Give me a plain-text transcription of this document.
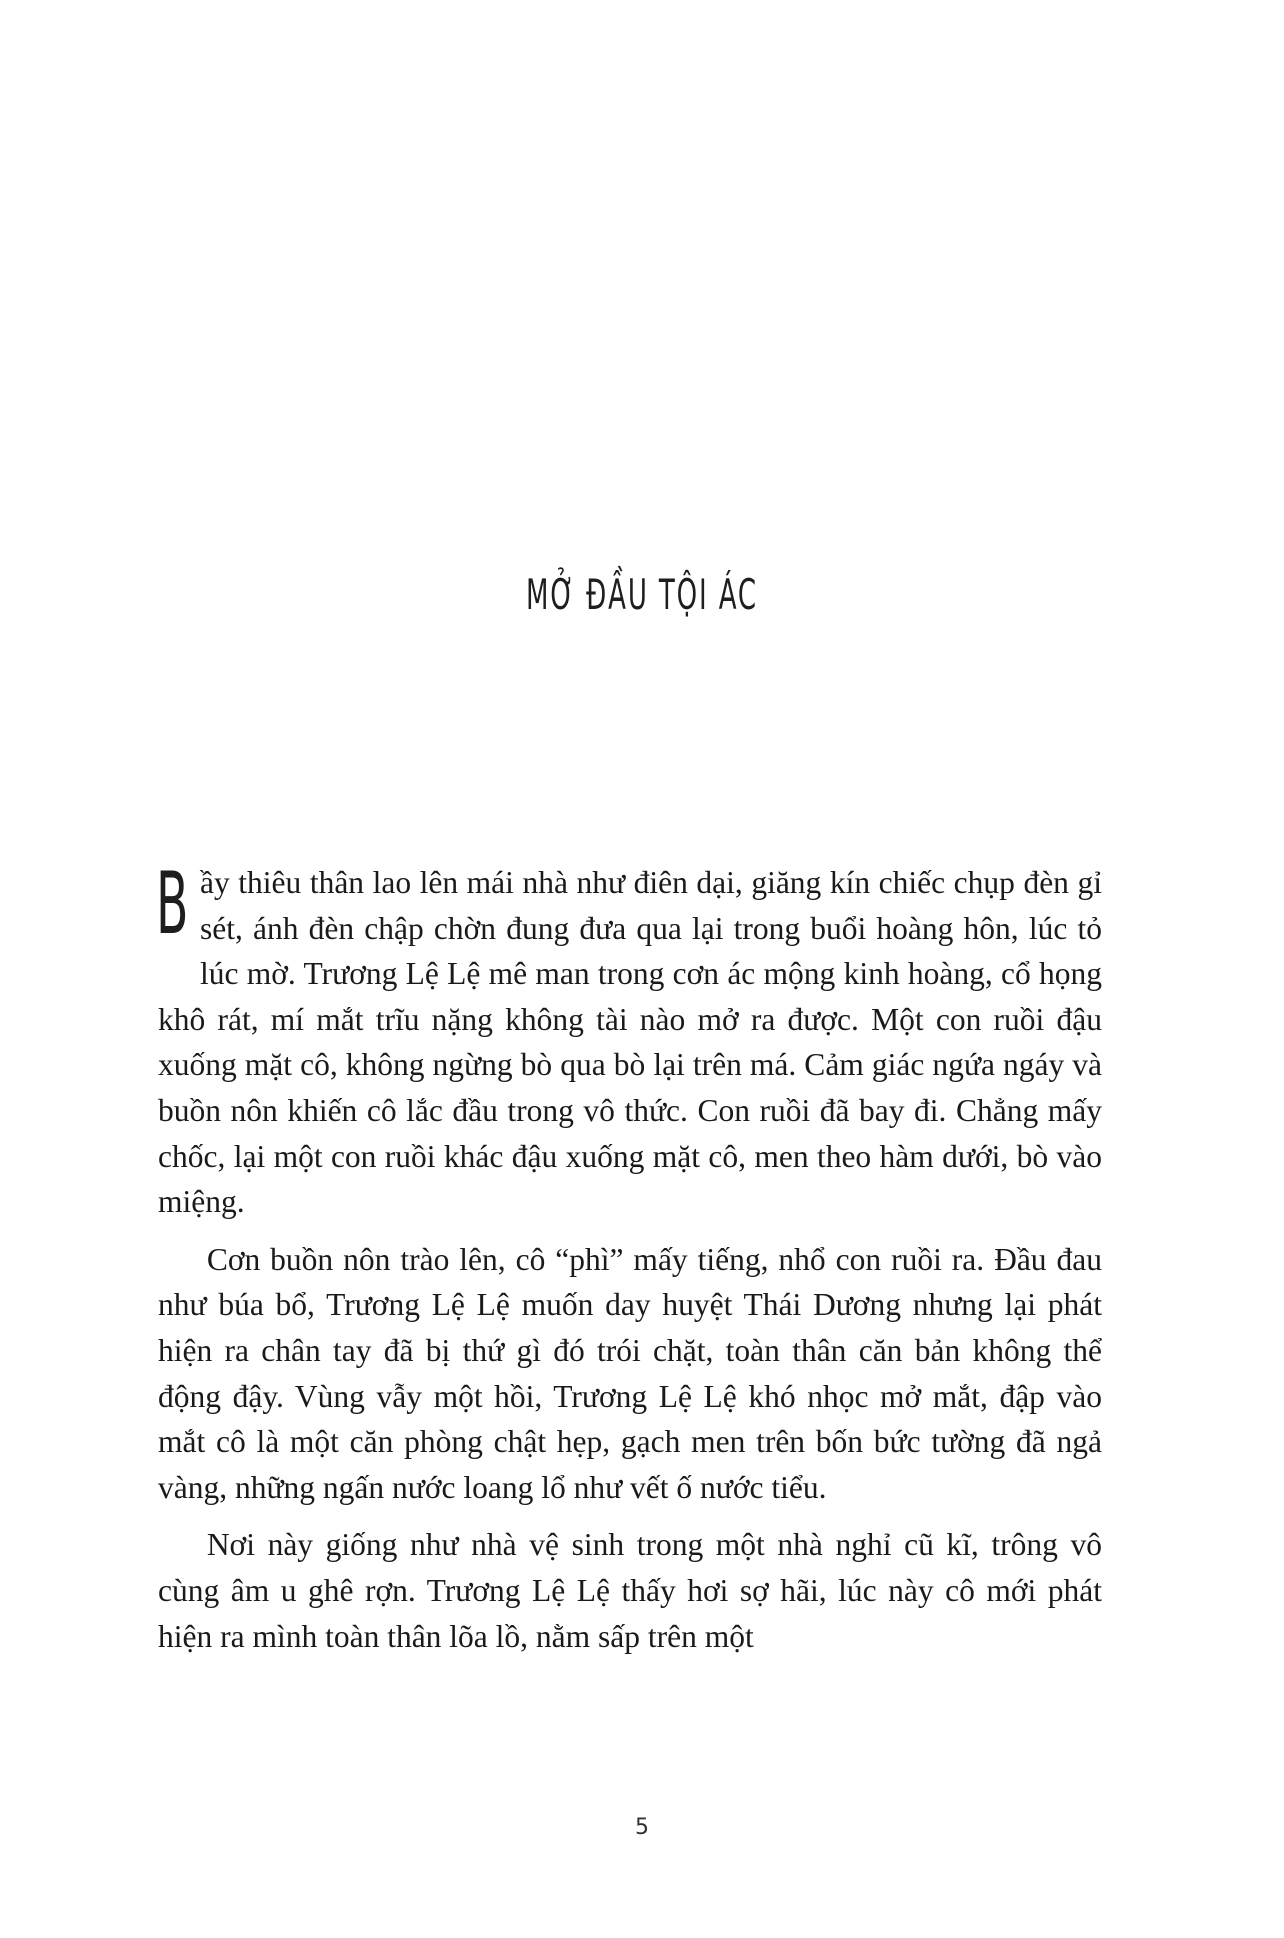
MỞ ĐẦU TỘI ÁC

Bầy thiêu thân lao lên mái nhà như điên dại, giăng kín chiếc chụp đèn gỉ sét, ánh đèn chập chờn đung đưa qua lại trong buổi hoàng hôn, lúc tỏ lúc mờ. Trương Lệ Lệ mê man trong cơn ác mộng kinh hoàng, cổ họng khô rát, mí mắt trĩu nặng không tài nào mở ra được. Một con ruồi đậu xuống mặt cô, không ngừng bò qua bò lại trên má. Cảm giác ngứa ngáy và buồn nôn khiến cô lắc đầu trong vô thức. Con ruồi đã bay đi. Chẳng mấy chốc, lại một con ruồi khác đậu xuống mặt cô, men theo hàm dưới, bò vào miệng.

Cơn buồn nôn trào lên, cô “phì” mấy tiếng, nhổ con ruồi ra. Đầu đau như búa bổ, Trương Lệ Lệ muốn day huyệt Thái Dương nhưng lại phát hiện ra chân tay đã bị thứ gì đó trói chặt, toàn thân căn bản không thể động đậy. Vùng vẫy một hồi, Trương Lệ Lệ khó nhọc mở mắt, đập vào mắt cô là một căn phòng chật hẹp, gạch men trên bốn bức tường đã ngả vàng, những ngấn nước loang lổ như vết ố nước tiểu.

Nơi này giống như nhà vệ sinh trong một nhà nghỉ cũ kĩ, trông vô cùng âm u ghê rợn. Trương Lệ Lệ thấy hơi sợ hãi, lúc này cô mới phát hiện ra mình toàn thân lõa lồ, nằm sấp trên một

5
